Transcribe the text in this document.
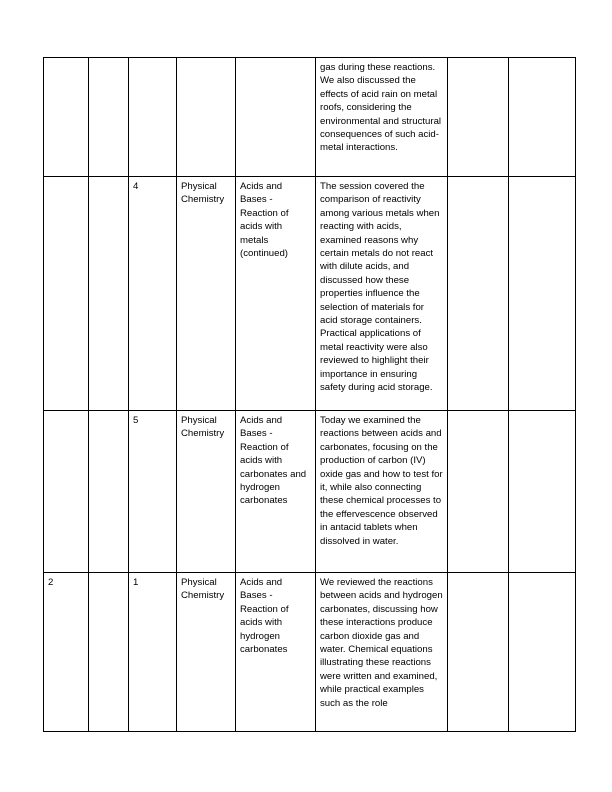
					gas during these reactions. We also discussed the effects of acid rain on metal roofs, considering the environmental and structural consequences of such acid-metal interactions.		

		4	Physical Chemistry	Acids and Bases - Reaction of acids with metals (continued)	The session covered the comparison of reactivity among various metals when reacting with acids, examined reasons why certain metals do not react with dilute acids, and discussed how these properties influence the selection of materials for acid storage containers. Practical applications of metal reactivity were also reviewed to highlight their importance in ensuring safety during acid storage.		

		5	Physical Chemistry	Acids and Bases - Reaction of acids with carbonates and hydrogen carbonates	Today we examined the reactions between acids and carbonates, focusing on the production of carbon (IV) oxide gas and how to test for it, while also connecting these chemical processes to the effervescence observed in antacid tablets when dissolved in water.		

2		1	Physical Chemistry	Acids and Bases - Reaction of acids with hydrogen carbonates	We reviewed the reactions between acids and hydrogen carbonates, discussing how these interactions produce carbon dioxide gas and water. Chemical equations illustrating these reactions were written and examined, while practical examples such as the role		
